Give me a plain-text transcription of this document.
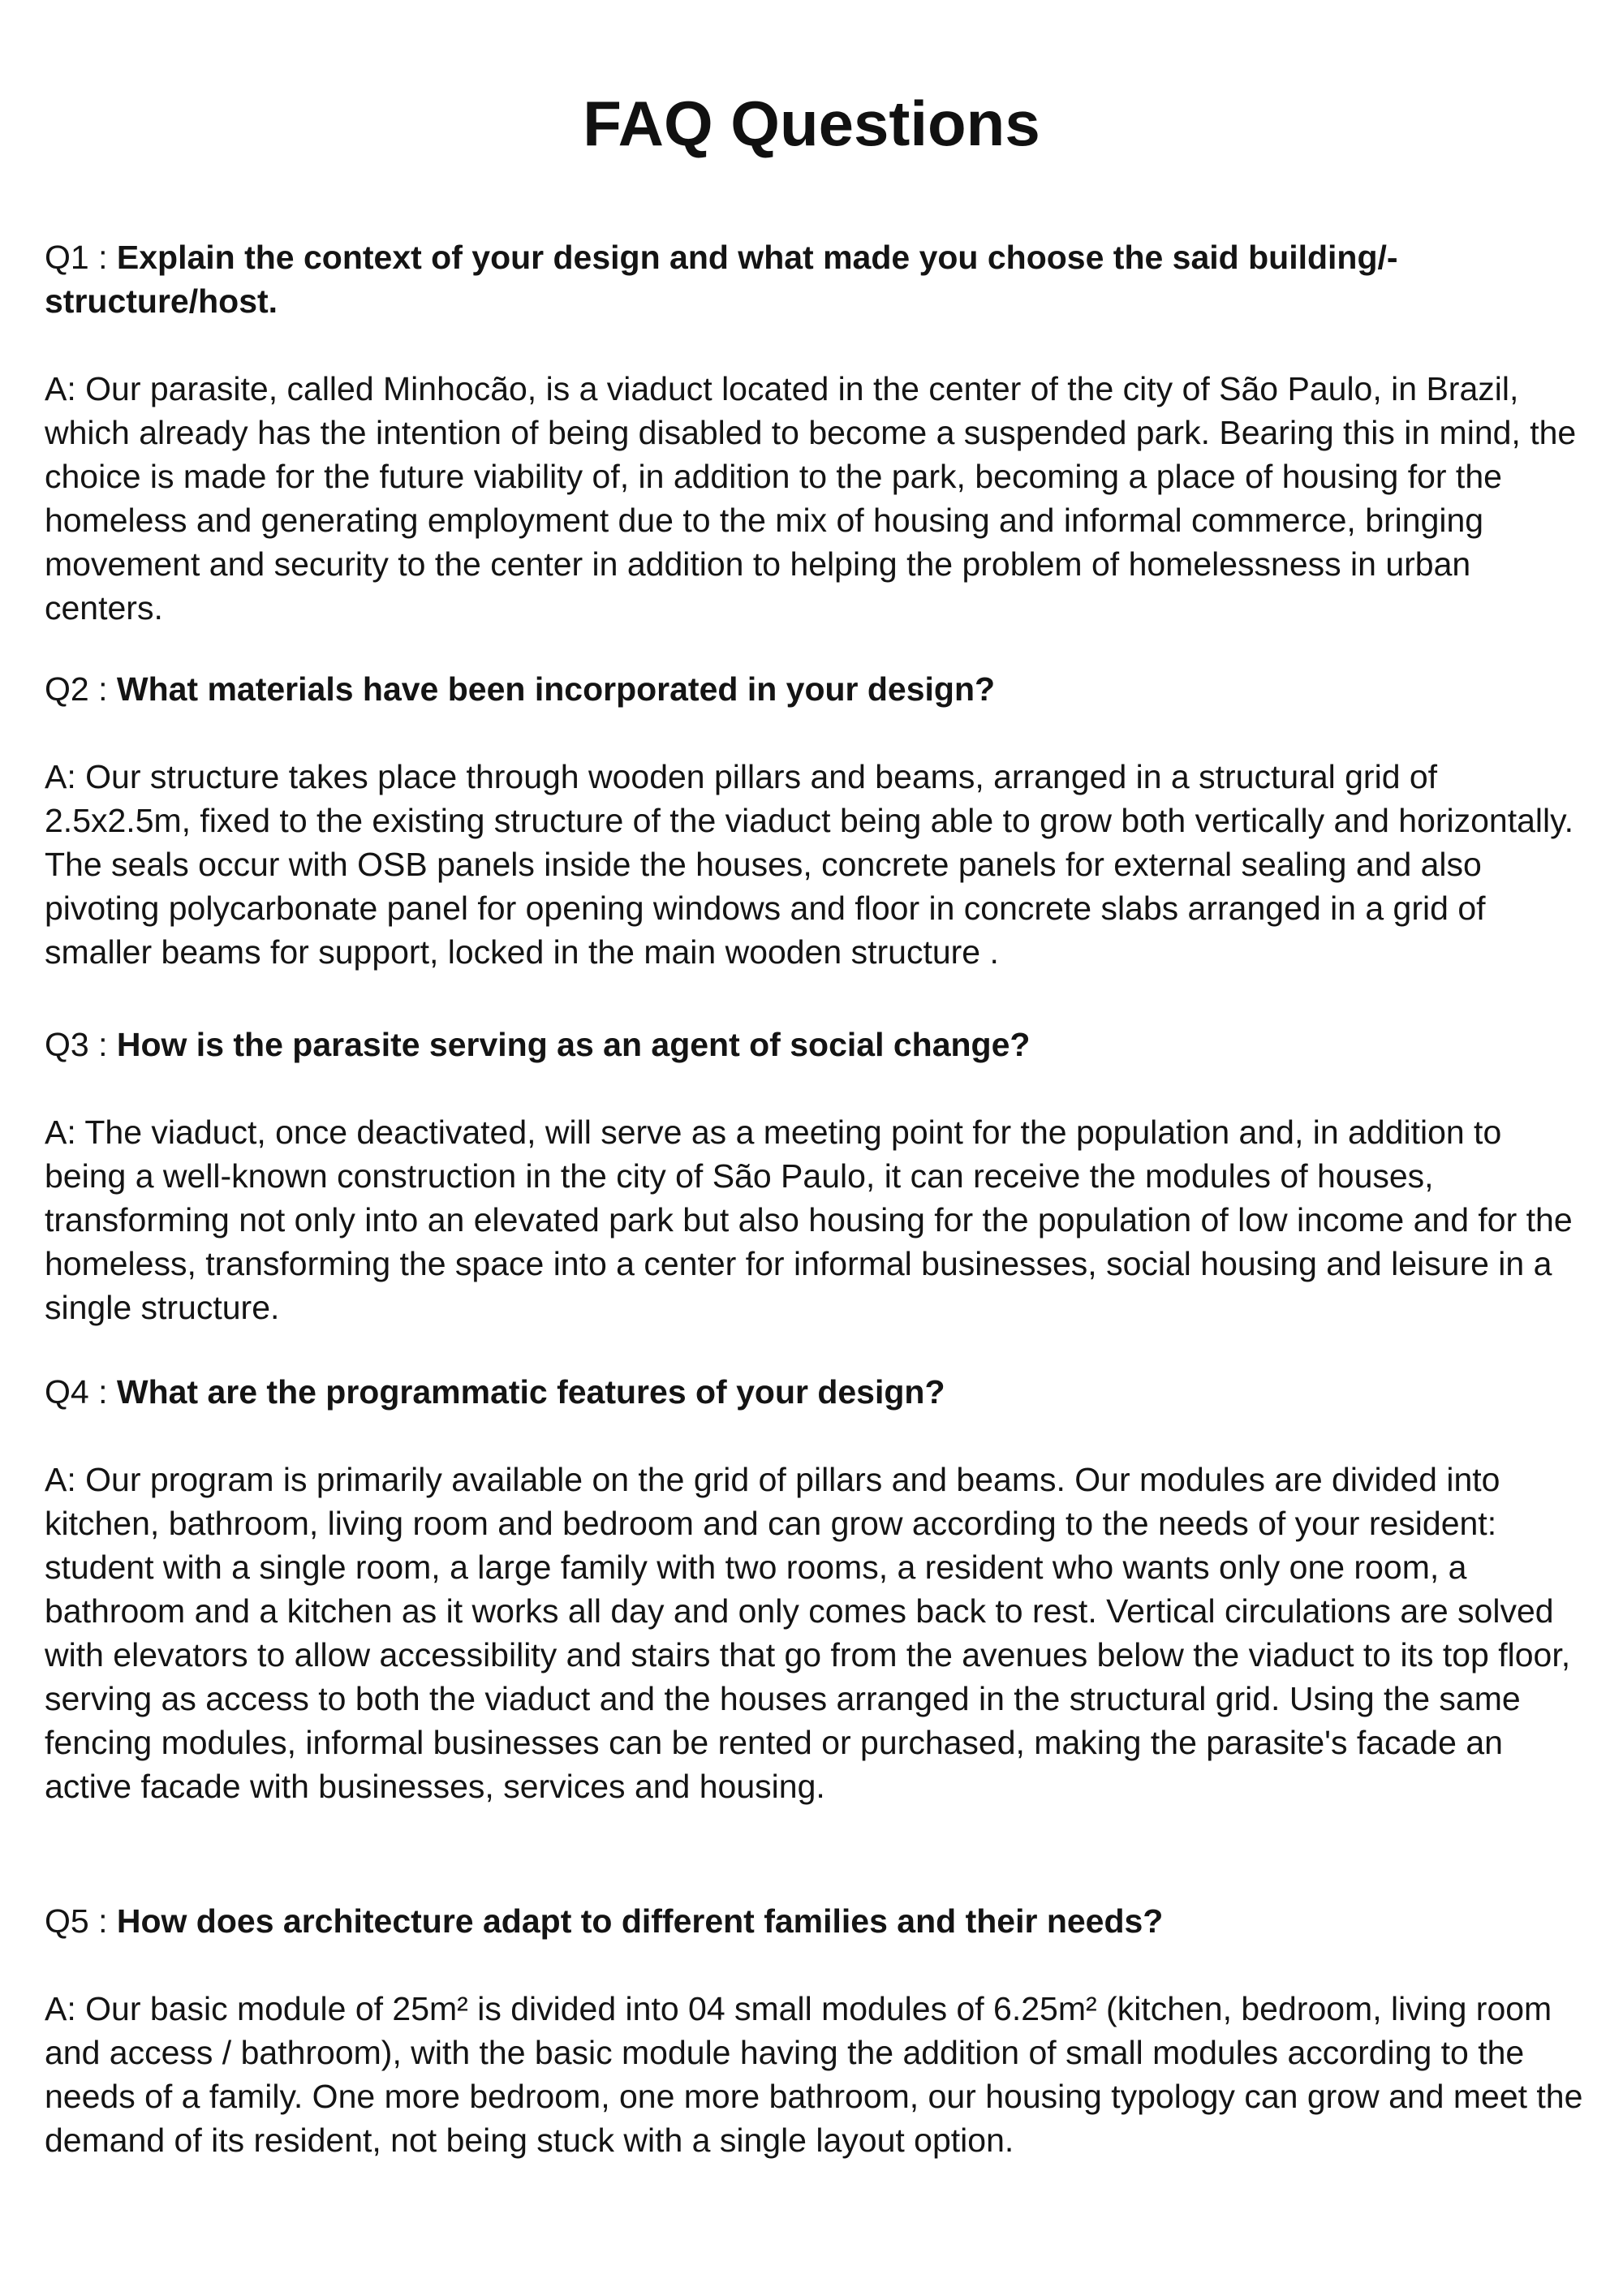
FAQ Questions

Q1 : Explain the context of your design and what made you choose the said building/-structure/host.

A: Our parasite, called Minhocão, is a viaduct located in the center of the city of São Paulo, in Brazil, which already has the intention of being disabled to become a suspended park. Bearing this in mind, the choice is made for the future viability of, in addition to the park, becoming a place of housing for the homeless and generating employment due to the mix of housing and informal commerce, bringing movement and security to the center in addition to helping the problem of homelessness in urban centers.

Q2 : What materials have been incorporated in your design?

A: Our structure takes place through wooden pillars and beams, arranged in a structural grid of 2.5x2.5m, fixed to the existing structure of the viaduct being able to grow both vertically and horizontally. The seals occur with OSB panels inside the houses, concrete panels for external sealing and also pivoting polycarbonate panel for opening windows and floor in concrete slabs arranged in a grid of smaller beams for support, locked in the main wooden structure .

Q3 : How is the parasite serving as an agent of social change?

A: The viaduct, once deactivated, will serve as a meeting point for the population and, in addition to being a well-known construction in the city of São Paulo, it can receive the modules of houses, transforming not only into an elevated park but also housing for the population of low income and for the homeless, transforming the space into a center for informal businesses, social housing and leisure in a single structure.

Q4 : What are the programmatic features of your design?

A: Our program is primarily available on the grid of pillars and beams. Our modules are divided into kitchen, bathroom, living room and bedroom and can grow according to the needs of your resident: student with a single room, a large family with two rooms, a resident who wants only one room, a bathroom and a kitchen as it works all day and only comes back to rest. Vertical circulations are solved with elevators to allow accessibility and stairs that go from the avenues below the viaduct to its top floor, serving as access to both the viaduct and the houses arranged in the structural grid. Using the same fencing modules, informal businesses can be rented or purchased, making the parasite's facade an active facade with businesses, services and housing.

Q5 : How does architecture adapt to different families and their needs?

A: Our basic module of 25m² is divided into 04 small modules of 6.25m² (kitchen, bedroom, living room and access / bathroom), with the basic module having the addition of small modules according to the needs of a family. One more bedroom, one more bathroom, our housing typology can grow and meet the demand of its resident, not being stuck with a single layout option.
